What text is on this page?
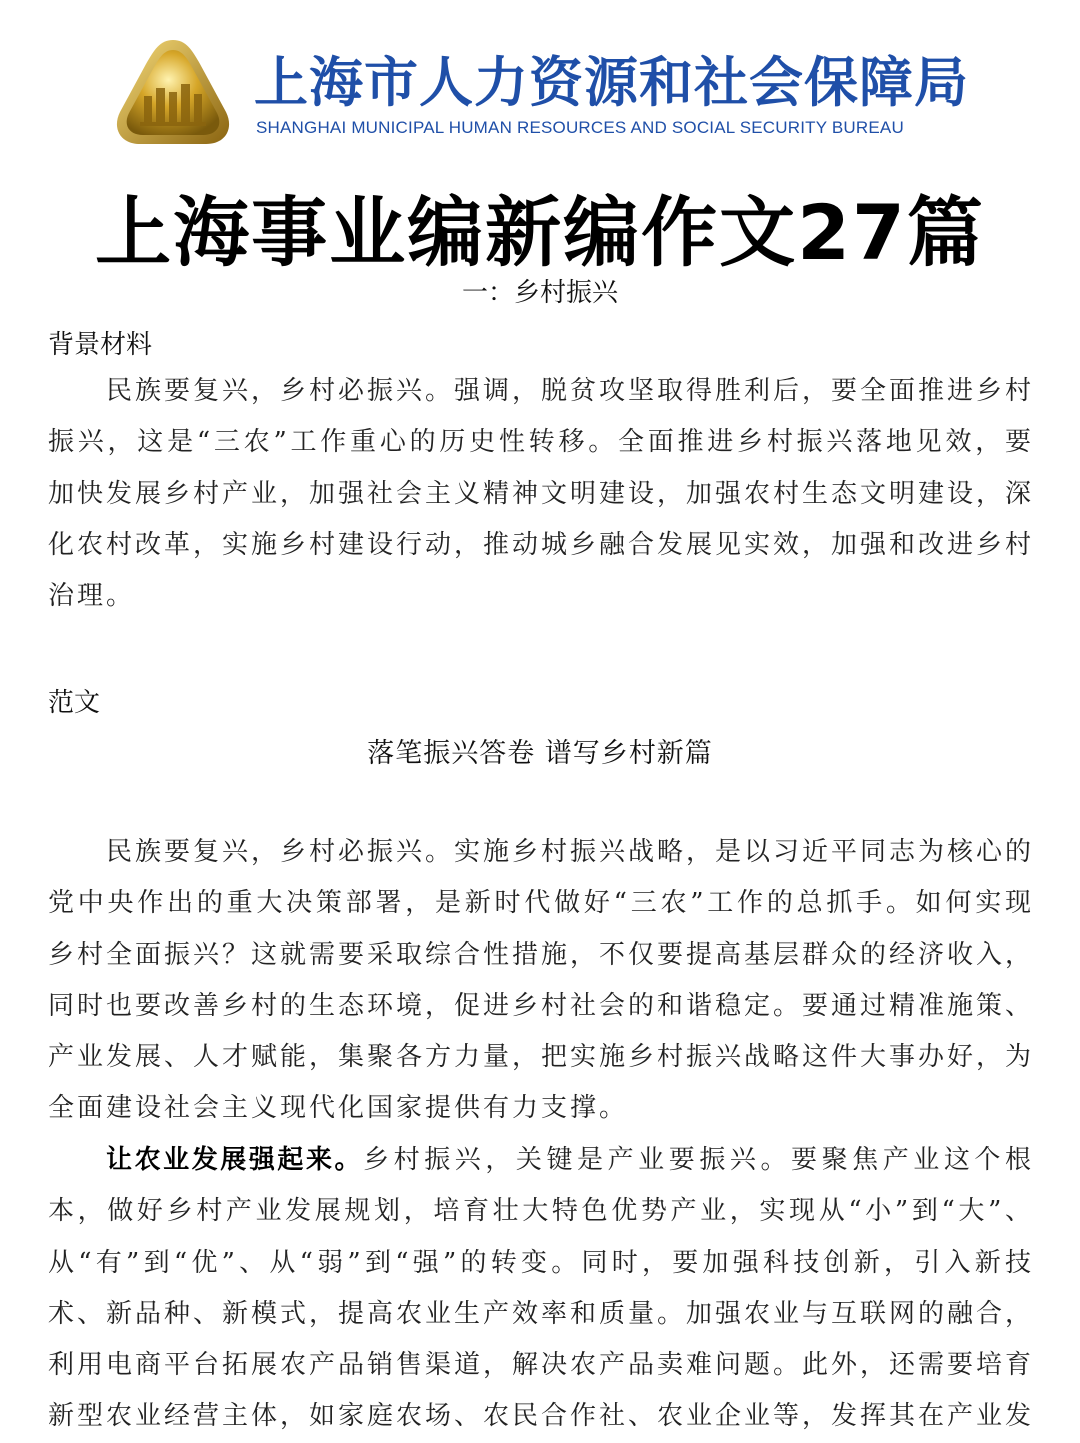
上海市人力资源和社会保障局
SHANGHAI MUNICIPAL HUMAN RESOURCES AND SOCIAL SECURITY BUREAU
上海事业编新编作文27篇
一：乡村振兴
背景材料

民族要复兴，乡村必振兴。强调，脱贫攻坚取得胜利后，要全面推进乡村振兴，这是“三农”工作重心的历史性转移。全面推进乡村振兴落地见效，要加快发展乡村产业，加强社会主义精神文明建设，加强农村生态文明建设，深化农村改革，实施乡村建设行动，推动城乡融合发展见实效，加强和改进乡村治理。

范文
落笔振兴答卷 谱写乡村新篇

民族要复兴，乡村必振兴。实施乡村振兴战略，是以习近平同志为核心的党中央作出的重大决策部署，是新时代做好“三农”工作的总抓手。如何实现乡村全面振兴？这就需要采取综合性措施，不仅要提高基层群众的经济收入，同时也要改善乡村的生态环境，促进乡村社会的和谐稳定。要通过精准施策、产业发展、人才赋能，集聚各方力量，把实施乡村振兴战略这件大事办好，为全面建设社会主义现代化国家提供有力支撑。

让农业发展强起来。乡村振兴，关键是产业要振兴。要聚焦产业这个根本，做好乡村产业发展规划，培育壮大特色优势产业，实现从“小”到“大”、从“有”到“优”、从“弱”到“强”的转变。同时，要加强科技创新，引入新技术、新品种、新模式，提高农业生产效率和质量。加强农业与互联网的融合，利用电商平台拓展农产品销售渠道，解决农产品卖难问题。此外，还需要培育新型农业经营主体，如家庭农场、农民合作社、农业企业等，发挥其在产业发
